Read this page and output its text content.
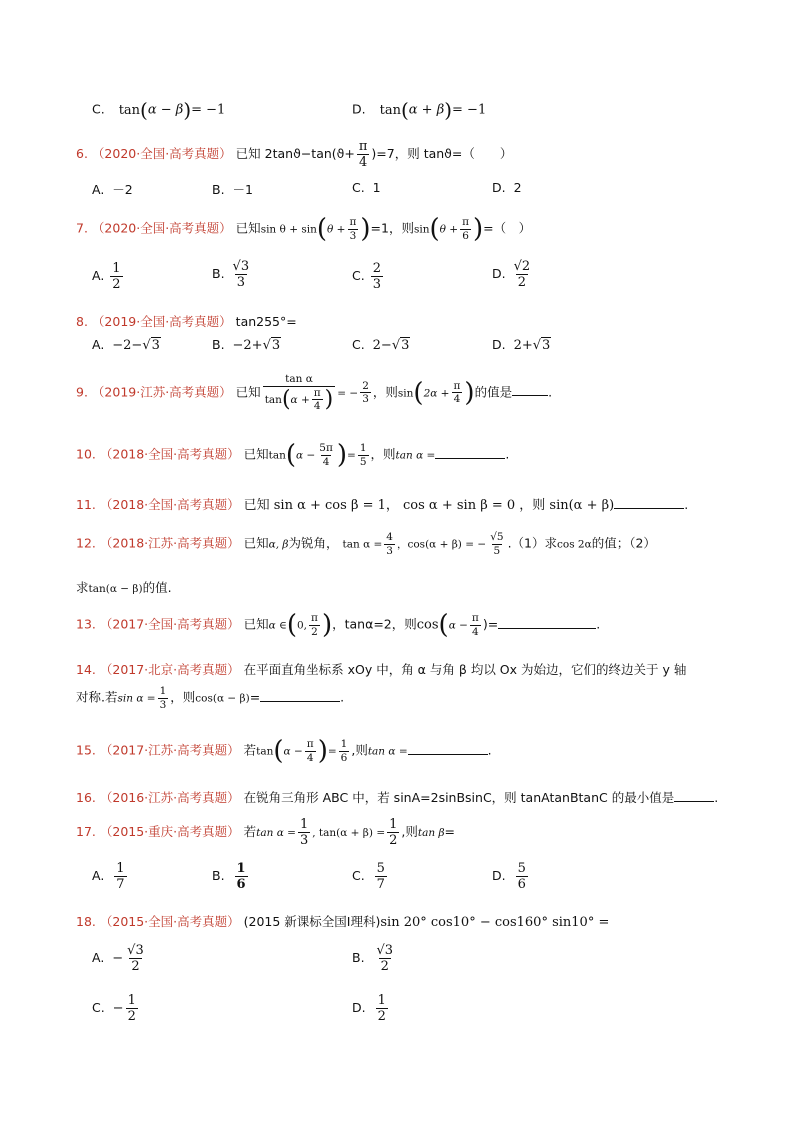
C. tan(α − β)= −1	D. tan(α + β)= −1
6. （2020·全国·高考真题） 已知 $2\tan ϑ-\tan(ϑ+ \frac{\pi}{4} )=7$，则 tanϑ=（　　）
A. －2	B. －1	C. 1	D. 2
7. （2020·全国·高考真题） 已知$\sin \theta + \sin(\theta + \frac{\pi}{3} )=1$，则$\sin(\theta + \frac{\pi}{6}$ )=（　）
A. $\frac{1}{2}$	B. $\frac{√3}{3}$	C. $\frac{2}{3}$	D. $\frac{√2}{2}$
8. （2019·全国·高考真题） tan255°=
A. −2−√3	B. −2+√3	C. 2−√3	D. 2+√3
9. （2019·江苏·高考真题） 已知 $\frac{\text{tan α}}{\tan(\alpha + \frac{\pi}{4} )}$ = − $\frac{2}{3}$ ，则$\sin(2\alpha + \frac{\pi}{4}$ )的值是	.
10. （2018·全国·高考真题） 已知$\tan(\alpha - \frac{5\pi}{4}$ )= $\frac{1}{5}$ ，则tan α =	.
11. （2018·全国·高考真题） 已知 sin α + cos β = 1， cos α + sin β = 0 ，则 sin(α + β)	.
12. （2018·江苏·高考真题） 已知α, β为锐角， $\tan \alpha = \frac{4}{3}$ ，cos(α + β) = − $\frac{√5}{5} .(1)$求cos 2α的值；（2）
求tan(α − β)的值.
13. （2017·全国·高考真题） 已知α ∈(0, $\frac{\pi}{2}$ )，tanα=2，则$\cos(\alpha - \frac{\pi}{4}$ )=	.
14. （2017·北京·高考真题） 在平面直角坐标系 xOy 中，角 α 与角 β 均以 Ox 为始边，它们的终边关于 y 轴
对称.若$\sin \alpha = \frac{1}{3}$ ，则cos(α − β)=	.
15. （2017·江苏·高考真题） 若$\tan(\alpha - \frac{\pi}{4}$ )= $\frac{1}{6}$ ,则tan α =	.
16. （2016·江苏·高考真题） 在锐角三角形 ABC 中，若 sinA=2sinBsinC，则 tanAtanBtanC 的最小值是	.
17. （2015·重庆·高考真题） 若$\tan \alpha = \frac{1}{3}$ , $\tan(\alpha + \beta) = \frac{1}{2}$ ,则tan β=
A. $\frac{1}{7}$	B. $\frac{1}{6}$	C. $\frac{5}{7}$	D. $\frac{5}{6}$
18. （2015·全国·高考真题） (2015 新课标全国Ⅰ理科)sin 20° cos10° − cos160° sin10° =
A. − $\frac{√3}{2}$	B. $\frac{√3}{2}$
C. − $\frac{1}{2}$	D. $\frac{1}{2}$
